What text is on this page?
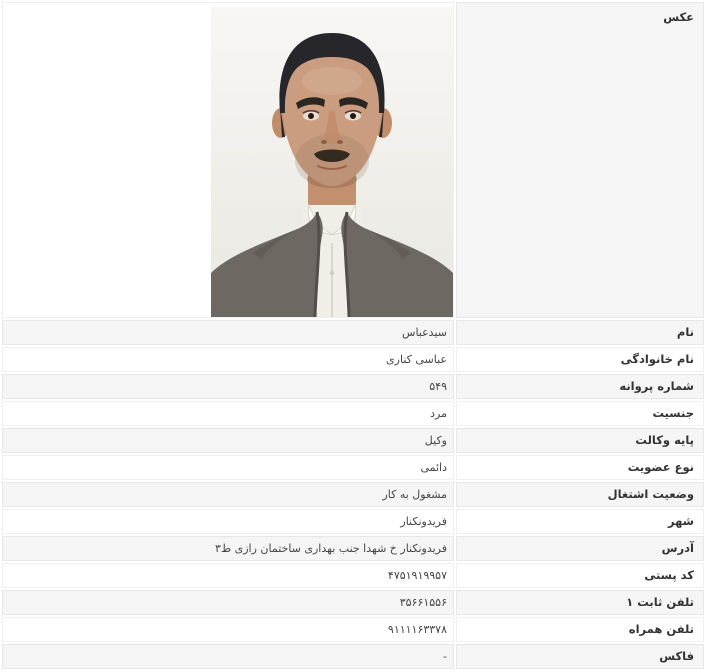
عکس	

نام	سیدعباس
نام خانوادگی	عباسی کناری
شماره پروانه	۵۴۹
جنسیت	مرد
پایه وکالت	وکیل
نوع عضویت	دائمی
وضعیت اشتغال	مشغول به کار
شهر	فریدونکنار
آدرس	فریدونکنار خ شهدا جنب بهداری ساختمان رازی ط۳
کد پستی	۴۷۵۱۹۱۹۹۵۷
تلفن ثابت ۱	۳۵۶۶۱۵۵۶
تلفن همراه	۹۱۱۱۱۶۳۳۷۸
فاکس	-
